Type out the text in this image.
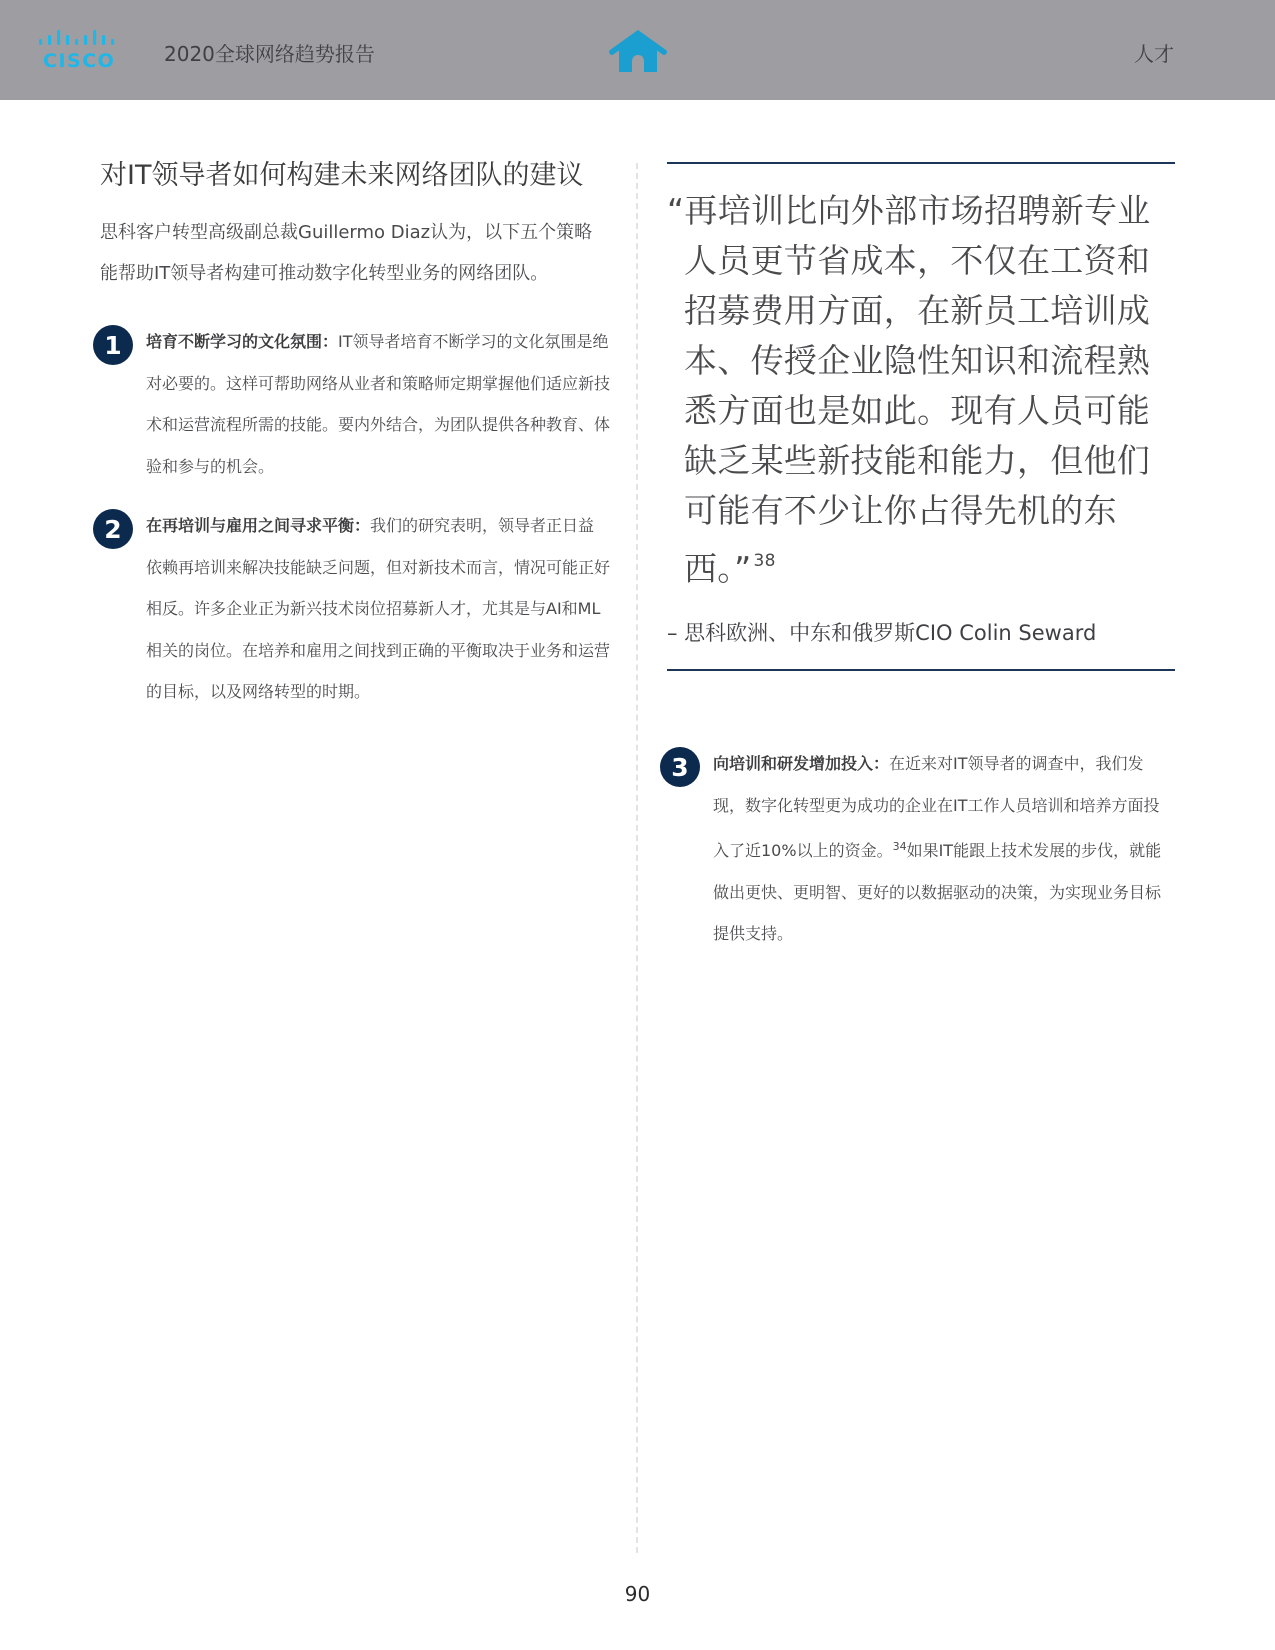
CISCO 2020全球网络趋势报告	人才
对IT领导者如何构建未来网络团队的建议
思科客户转型高级副总裁Guillermo Diaz认为，以下五个策略能帮助IT领导者构建可推动数字化转型业务的网络团队。
1	培育不断学习的文化氛围：IT领导者培育不断学习的文化氛围是绝对必要的。这样可帮助网络从业者和策略师定期掌握他们适应新技术和运营流程所需的技能。要内外结合，为团队提供各种教育、体验和参与的机会。
2	在再培训与雇用之间寻求平衡：我们的研究表明，领导者正日益依赖再培训来解决技能缺乏问题，但对新技术而言，情况可能正好相反。许多企业正为新兴技术岗位招募新人才，尤其是与AI和ML相关的岗位。在培养和雇用之间找到正确的平衡取决于业务和运营的目标，以及网络转型的时期。
“再培训比向外部市场招聘新专业人员更节省成本，不仅在工资和招募费用方面，在新员工培训成本、传授企业隐性知识和流程熟悉方面也是如此。现有人员可能缺乏某些新技能和能力，但他们可能有不少让你占得先机的东西。” $^{38}$
– 思科欧洲、中东和俄罗斯CIO Colin Seward
3	向培训和研发增加投入：在近来对IT领导者的调查中，我们发现，数字化转型更为成功的企业在IT工作人员培训和培养方面投入了近10%以上的资金。$^{34}$如果IT能跟上技术发展的步伐，就能做出更快、更明智、更好的以数据驱动的决策，为实现业务目标提供支持。
90
